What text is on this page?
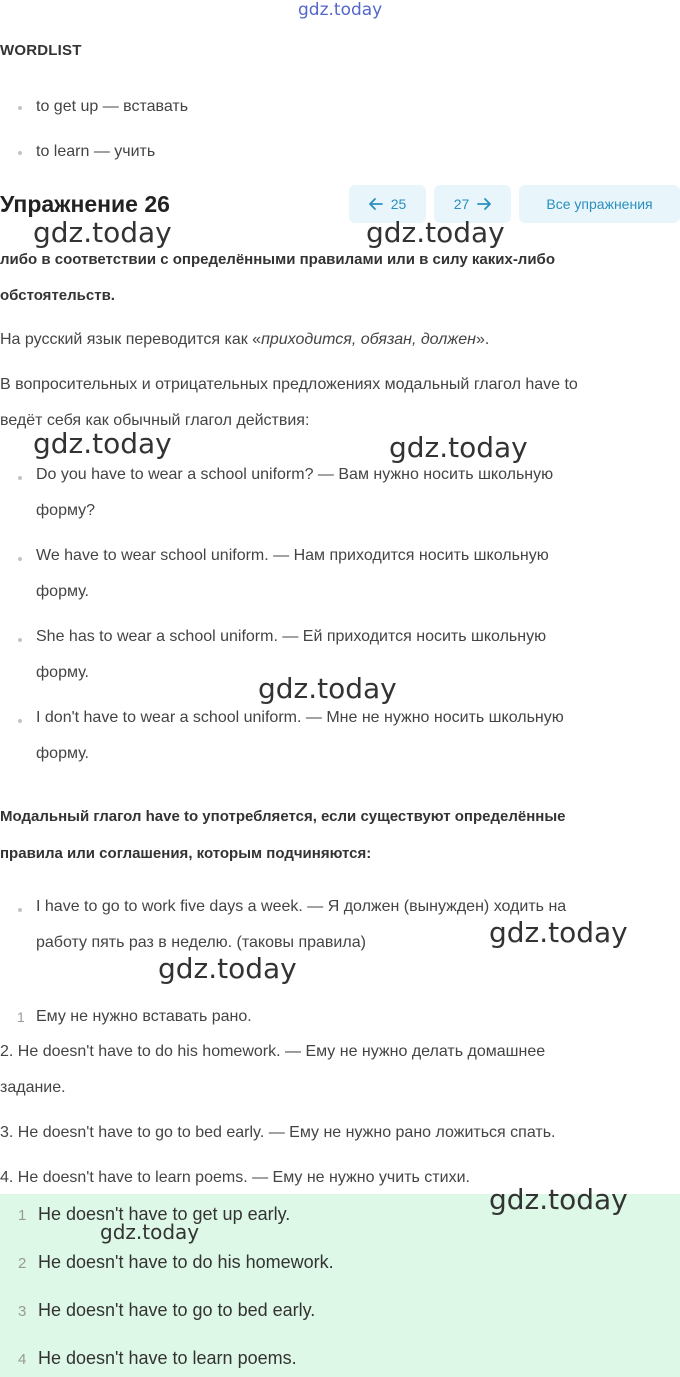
gdz.today
WORDLIST
to get up — вставать
to learn — учить
Упражнение 26	25	27	Все упражнения
gdz.today	gdz.today
либо в соответствии с определёнными правилами или в силу каких-либо
обстоятельств.
На русский язык переводится как «приходится, обязан, должен».
В вопросительных и отрицательных предложениях модальный глагол have to
ведёт себя как обычный глагол действия:
gdz.today	gdz.today
Do you have to wear a school uniform? — Вам нужно носить школьную
форму?
We have to wear school uniform. — Нам приходится носить школьную
форму.
She has to wear a school uniform. — Ей приходится носить школьную
форму.	gdz.today
I don't have to wear a school uniform. — Мне не нужно носить школьную
форму.
Модальный глагол have to употребляется, если существуют определённые
правила или соглашения, которым подчиняются:
I have to go to work five days a week. — Я должен (вынужден) ходить на
работу пять раз в неделю. (таковы правила)	gdz.today
gdz.today
1 Ему не нужно вставать рано.
2. He doesn't have to do his homework. — Ему не нужно делать домашнее
задание.
3. He doesn't have to go to bed early. — Ему не нужно рано ложиться спать.
4. He doesn't have to learn poems. — Ему не нужно учить стихи.
1 He doesn't have to get up early.
2 He doesn't have to do his homework.
3 He doesn't have to go to bed early.
4 He doesn't have to learn poems.
gdz.today
gdz.today
